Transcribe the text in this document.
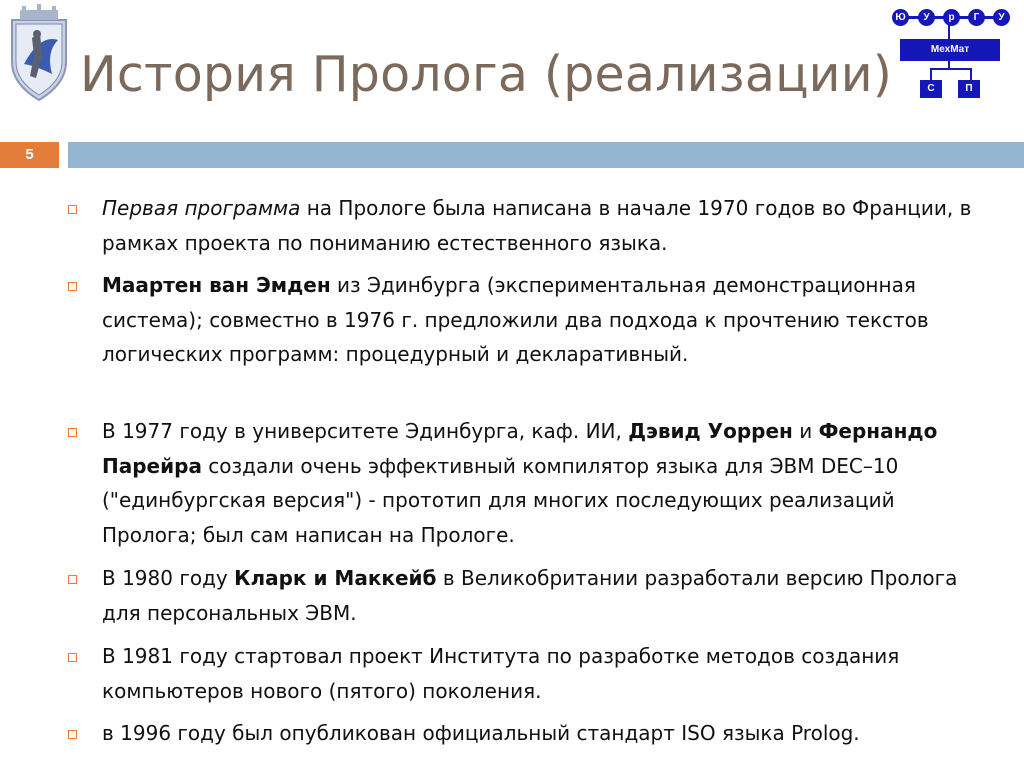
История Пролога (реализации)
Ю	У	р	Г	У
МехМат
С	П
5
Первая программа на Прологе была написана в начале 1970 годов во Франции, в рамках проекта по пониманию естественного языка.
Маартен ван Эмден из Эдинбурга (экспериментальная демонстрационная система); совместно в 1976 г. предложили два подхода к прочтению текстов логических программ: процедурный и декларативный.
В 1977 году в университете Эдинбурга, каф. ИИ, Дэвид Уоррен и Фернандо Парейра создали очень эффективный компилятор языка для ЭВМ DEC–10 ("единбургская версия") - прототип для многих последующих реализаций Пролога; был сам написан на Прологе.
В 1980 году Кларк и Маккейб в Великобритании разработали версию Пролога для персональных ЭВМ.
В 1981 году стартовал проект Института по разработке методов создания компьютеров нового (пятого) поколения.
в 1996 году был опубликован официальный стандарт ISO языка Prolog.
